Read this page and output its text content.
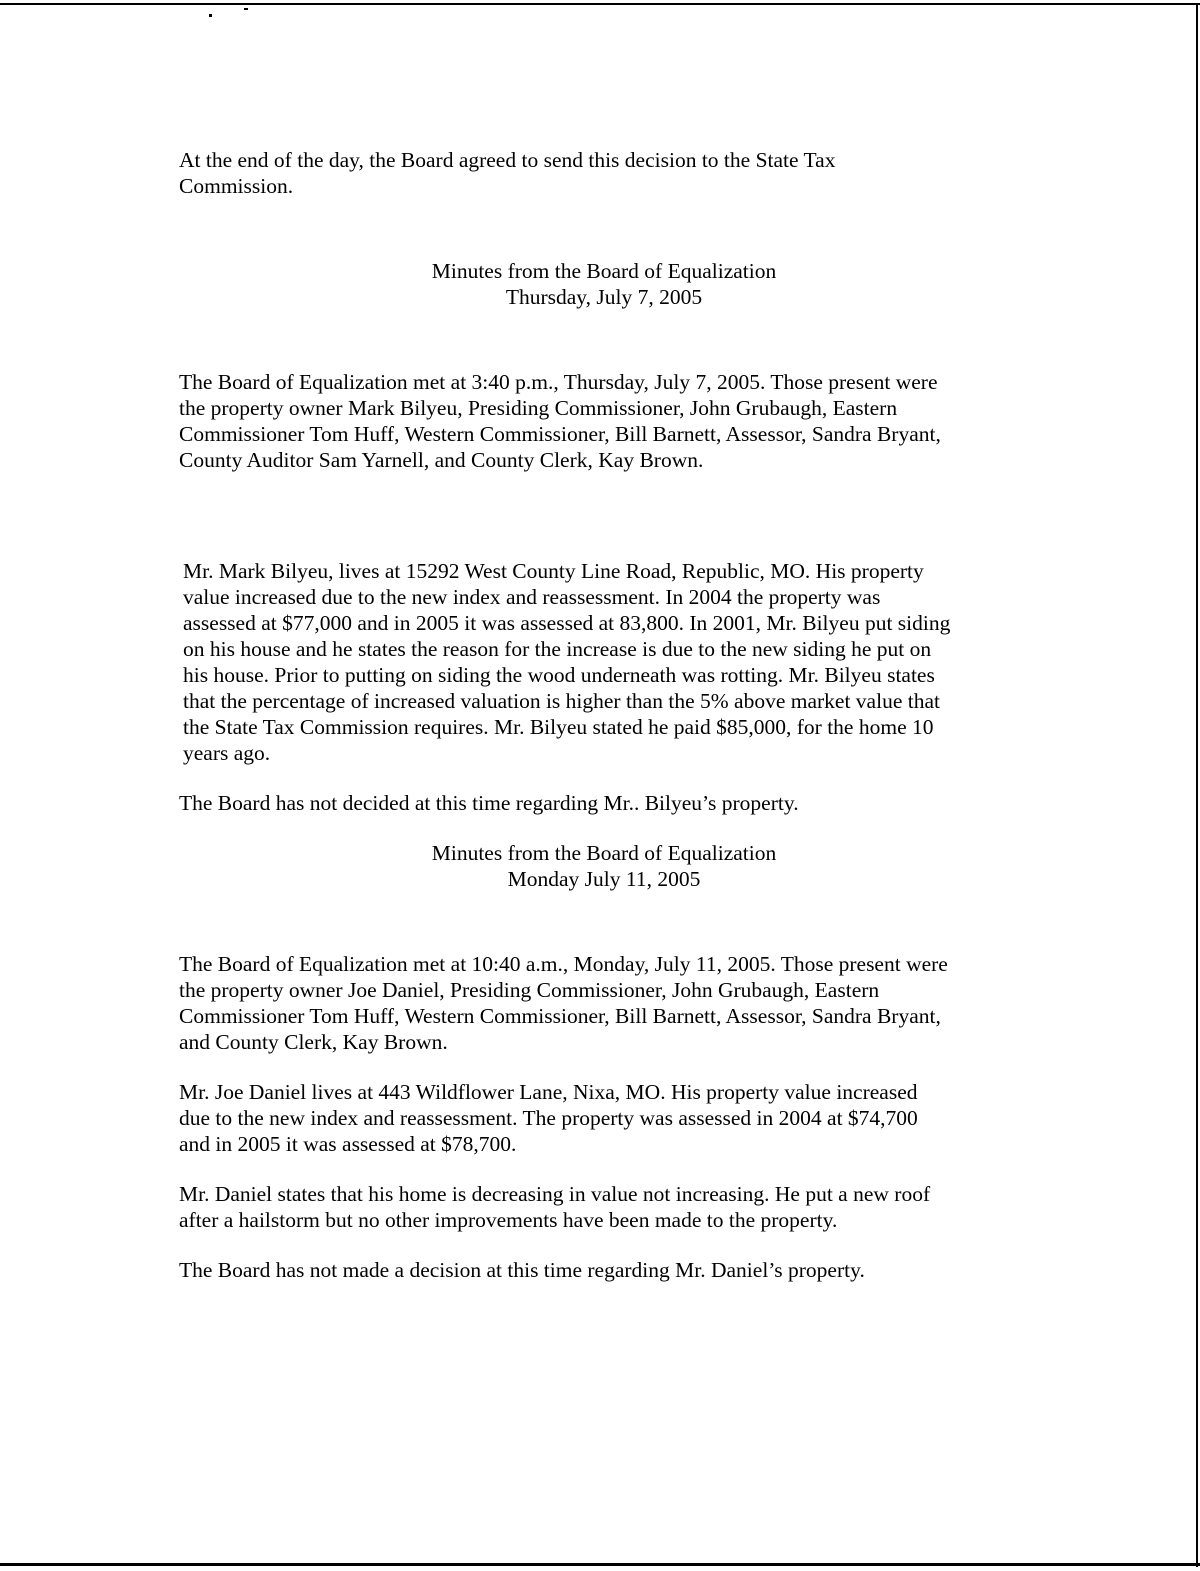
At the end of the day, the Board agreed to send this decision to the State Tax
Commission.

Minutes from the Board of Equalization
Thursday, July 7, 2005

The Board of Equalization met at 3:40 p.m., Thursday, July 7, 2005. Those present were
the property owner Mark Bilyeu, Presiding Commissioner, John Grubaugh, Eastern
Commissioner Tom Huff, Western Commissioner, Bill Barnett, Assessor, Sandra Bryant,
County Auditor Sam Yarnell, and County Clerk, Kay Brown.

Mr. Mark Bilyeu, lives at 15292 West County Line Road, Republic, MO. His property
value increased due to the new index and reassessment. In 2004 the property was
assessed at $77,000 and in 2005 it was assessed at 83,800. In 2001, Mr. Bilyeu put siding
on his house and he states the reason for the increase is due to the new siding he put on
his house. Prior to putting on siding the wood underneath was rotting. Mr. Bilyeu states
that the percentage of increased valuation is higher than the 5% above market value that
the State Tax Commission requires. Mr. Bilyeu stated he paid $85,000, for the home 10
years ago.

The Board has not decided at this time regarding Mr.. Bilyeu’s property.

Minutes from the Board of Equalization
Monday July 11, 2005

The Board of Equalization met at 10:40 a.m., Monday, July 11, 2005. Those present were
the property owner Joe Daniel, Presiding Commissioner, John Grubaugh, Eastern
Commissioner Tom Huff, Western Commissioner, Bill Barnett, Assessor, Sandra Bryant,
and County Clerk, Kay Brown.

Mr. Joe Daniel lives at 443 Wildflower Lane, Nixa, MO. His property value increased
due to the new index and reassessment. The property was assessed in 2004 at $74,700
and in 2005 it was assessed at $78,700.

Mr. Daniel states that his home is decreasing in value not increasing. He put a new roof
after a hailstorm but no other improvements have been made to the property.

The Board has not made a decision at this time regarding Mr. Daniel’s property.
